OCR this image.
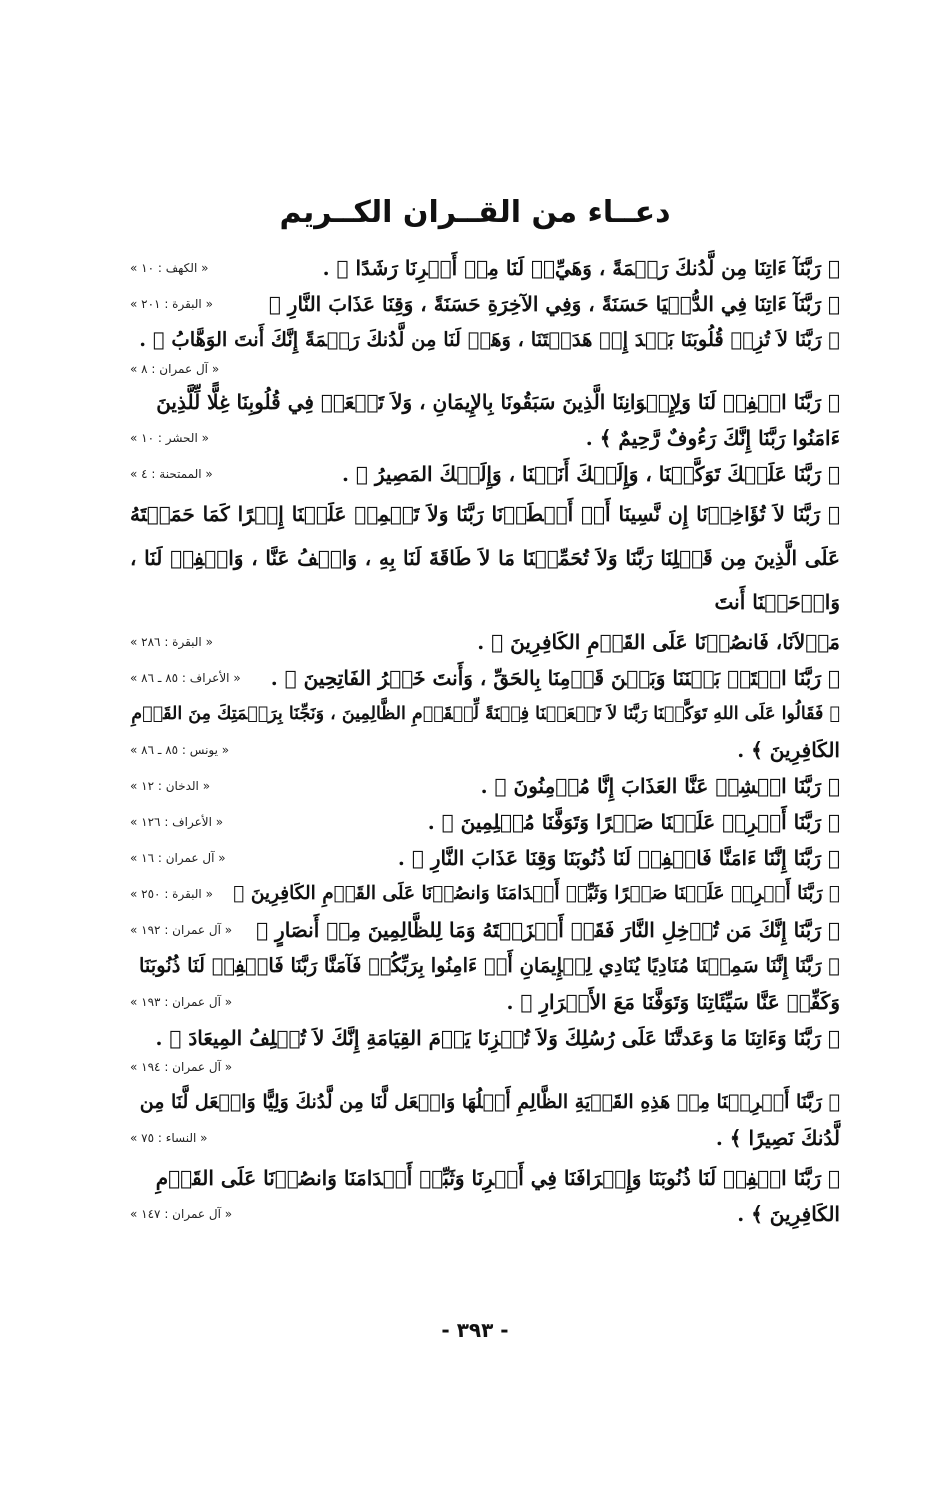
دعــاء من القــران الكــريم
﴿ رَبَّنَآ ءَاتِنَا مِن لَّدُنكَ رَحۡمَةً ، وَهَيِّءۡ لَنَا مِنۡ أَمۡرِنَا رَشَدًا ﴾ .
« الكهف : ١٠ »
﴿ رَبَّنَآ ءَاتِنَا فِي الدُّنۡيَا حَسَنَةً ، وَفِي الآخِرَةِ حَسَنَةً ، وَقِنَا عَذَابَ النَّارِ ﴾
« البقرة : ٢٠١ »
﴿ رَبَّنَا لاَ تُزِغۡ قُلُوبَنَا بَعۡدَ إِذۡ هَدَيۡتَنَا ، وَهَبۡ لَنَا مِن لَّدُنكَ رَحۡمَةً إِنَّكَ أَنتَ الوَهَّابُ ﴾ .
« آل عمران : ٨ »
﴿ رَبَّنَا اغۡفِرۡ لَنَا وَلِإِخۡوَانِنَا الَّذِينَ سَبَقُونَا بِالإِيمَانِ ، وَلاَ تَجۡعَلۡ فِي قُلُوبِنَا غِلًّا لِّلَّذِينَ
ءَامَنُوا رَبَّنَا إِنَّكَ رَءُوفٌ رَّحِيمٌ ﴾ .
« الحشر : ١٠ »
﴿ رَبَّنَا عَلَيۡكَ تَوَكَّلۡنَا ، وَإِلَيۡكَ أَنَبۡنَا ، وَإِلَيۡكَ المَصِيرُ ﴾ .
« الممتحنة : ٤ »
﴿ رَبَّنَا لاَ تُؤَاخِذۡنَا إِن نَّسِينَا أَوۡ أَخۡطَأۡنَا رَبَّنَا وَلاَ تَحۡمِلۡ عَلَيۡنَا إِصۡرًا كَمَا حَمَلۡتَهُ عَلَى الَّذِينَ مِن قَبۡلِنَا رَبَّنَا وَلاَ تُحَمِّلۡنَا مَا لاَ طَاقَةَ لَنَا بِهِ ، وَاعۡفُ عَنَّا ، وَاغۡفِرۡ لَنَا ، وَارۡحَمۡنَا أَنتَ
مَوۡلاَنَا، فَانصُرۡنَا عَلَى القَوۡمِ الكَافِرِينَ ﴾ .
« البقرة : ٢٨٦ »
﴿ رَبَّنَا افۡتَحۡ بَيۡنَنَا وَبَيۡنَ قَوۡمِنَا بِالحَقِّ ، وَأَنتَ خَيۡرُ الفَاتِحِينَ ﴾ .
« الأعراف : ٨٥ ـ ٨٦ »
﴿ فَقَالُوا عَلَى اللهِ تَوَكَّلۡنَا رَبَّنَا لاَ تَجۡعَلۡنَا فِتۡنَةً لِّلۡقَوۡمِ الظَّالِمِينَ ، وَنَجِّنَا بِرَحۡمَتِكَ مِنَ القَوۡمِ
الكَافِرِينَ ﴾ .
« يونس : ٨٥ ـ ٨٦ »
﴿ رَبَّنَا اكۡشِفۡ عَنَّا العَذَابَ إِنَّا مُؤۡمِنُونَ ﴾ .
« الدخان : ١٢ »
﴿ رَبَّنَا أَفۡرِغۡ عَلَيۡنَا صَبۡرًا وَتَوَفَّنَا مُسۡلِمِينَ ﴾ .
« الأعراف : ١٢٦ »
﴿ رَبَّنَا إِنَّنَا ءَامَنَّا فَاغۡفِرۡ لَنَا ذُنُوبَنَا وَقِنَا عَذَابَ النَّارِ ﴾ .
« آل عمران : ١٦ »
﴿ رَبَّنَا أَفۡرِغۡ عَلَيۡنَا صَبۡرًا وَثَبِّتۡ أَقۡدَامَنَا وَانصُرۡنَا عَلَى القَوۡمِ الكَافِرِينَ ﴾
« البقرة : ٢٥٠ »
﴿ رَبَّنَا إِنَّكَ مَن تُدۡخِلِ النَّارَ فَقَدۡ أَخۡزَيۡتَهُ وَمَا لِلظَّالِمِينَ مِنۡ أَنصَارٍ ﴾
« آل عمران : ١٩٢ »
﴿ رَبَّنَا إِنَّنَا سَمِعۡنَا مُنَادِيًا يُنَادِي لِلۡإِيمَانِ أَنۡ ءَامِنُوا بِرَبِّكُمۡ فَآمَنَّا رَبَّنَا فَاغۡفِرۡ لَنَا ذُنُوبَنَا
وَكَفِّرۡ عَنَّا سَيِّئَاتِنَا وَتَوَفَّنَا مَعَ الأَبۡرَارِ ﴾ .
« آل عمران : ١٩٣ »
﴿ رَبَّنَا وَءَاتِنَا مَا وَعَدتَّنَا عَلَى رُسُلِكَ وَلاَ تُخۡزِنَا يَوۡمَ القِيَامَةِ إِنَّكَ لاَ تُخۡلِفُ المِيعَادَ ﴾ .
« آل عمران : ١٩٤ »
﴿ رَبَّنَا أَخۡرِجۡنَا مِنۡ هَذِهِ القَرۡيَةِ الظَّالِمِ أَهۡلُهَا وَاجۡعَل لَّنَا مِن لَّدُنكَ وَلِيًّا وَاجۡعَل لَّنَا مِن
لَّدُنكَ نَصِيرًا ﴾ .
« النساء : ٧٥ »
﴿ رَبَّنَا اغۡفِرۡ لَنَا ذُنُوبَنَا وَإِسۡرَافَنَا فِي أَمۡرِنَا وَثَبِّتۡ أَقۡدَامَنَا وَانصُرۡنَا عَلَى القَوۡمِ
الكَافِرِينَ ﴾ .
« آل عمران : ١٤٧ »
- ٣٩٣ -
